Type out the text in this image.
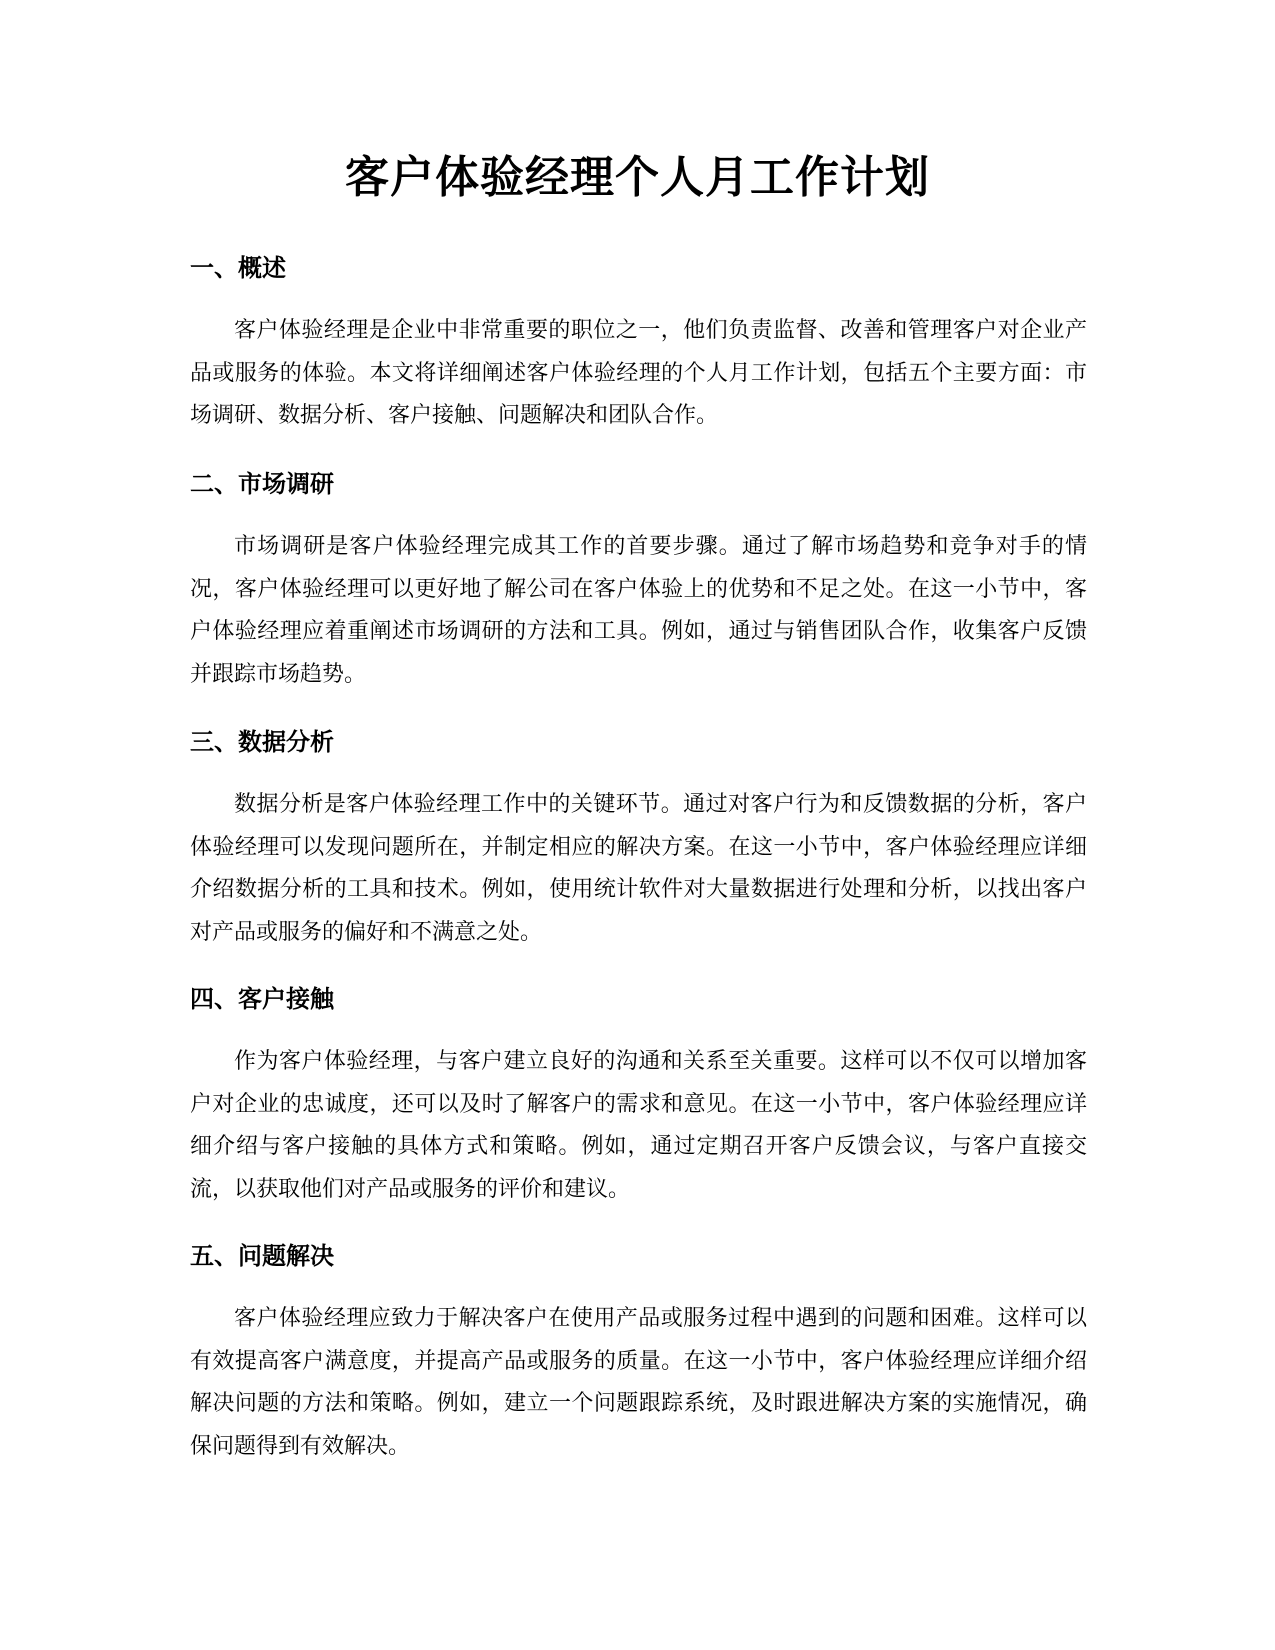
客户体验经理个人月工作计划
一、概述

客户体验经理是企业中非常重要的职位之一，他们负责监督、改善和管理客户对企业产品或服务的体验。本文将详细阐述客户体验经理的个人月工作计划，包括五个主要方面：市场调研、数据分析、客户接触、问题解决和团队合作。

二、市场调研

市场调研是客户体验经理完成其工作的首要步骤。通过了解市场趋势和竞争对手的情况，客户体验经理可以更好地了解公司在客户体验上的优势和不足之处。在这一小节中，客户体验经理应着重阐述市场调研的方法和工具。例如，通过与销售团队合作，收集客户反馈并跟踪市场趋势。

三、数据分析

数据分析是客户体验经理工作中的关键环节。通过对客户行为和反馈数据的分析，客户体验经理可以发现问题所在，并制定相应的解决方案。在这一小节中，客户体验经理应详细介绍数据分析的工具和技术。例如，使用统计软件对大量数据进行处理和分析，以找出客户对产品或服务的偏好和不满意之处。

四、客户接触

作为客户体验经理，与客户建立良好的沟通和关系至关重要。这样可以不仅可以增加客户对企业的忠诚度，还可以及时了解客户的需求和意见。在这一小节中，客户体验经理应详细介绍与客户接触的具体方式和策略。例如，通过定期召开客户反馈会议，与客户直接交流，以获取他们对产品或服务的评价和建议。

五、问题解决

客户体验经理应致力于解决客户在使用产品或服务过程中遇到的问题和困难。这样可以有效提高客户满意度，并提高产品或服务的质量。在这一小节中，客户体验经理应详细介绍解决问题的方法和策略。例如，建立一个问题跟踪系统，及时跟进解决方案的实施情况，确保问题得到有效解决。
